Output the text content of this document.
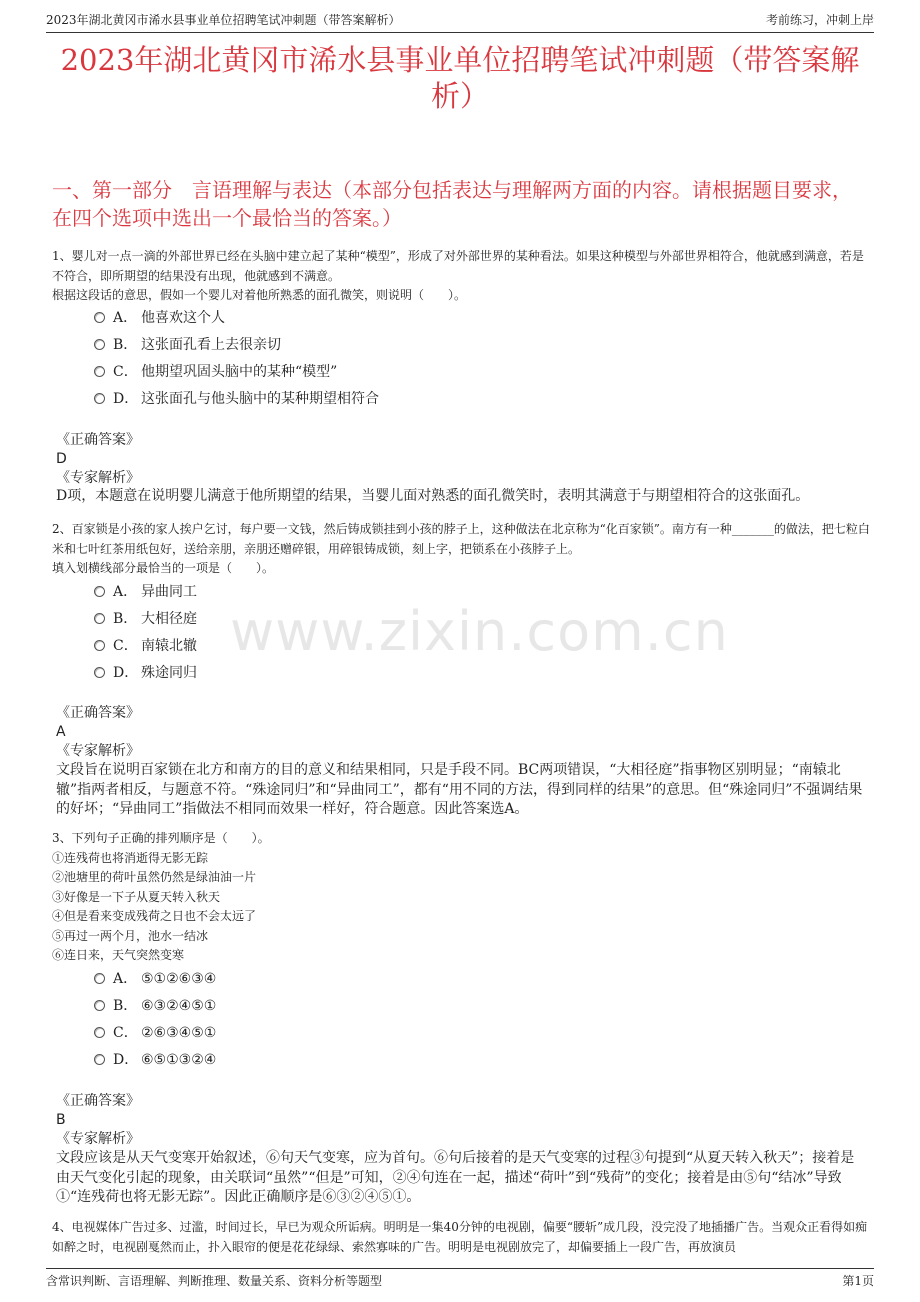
2023年湖北黄冈市浠水县事业单位招聘笔试冲刺题（带答案解析）	考前练习，冲刺上岸
2023年湖北黄冈市浠水县事业单位招聘笔试冲刺题（带答案解析）
一、第一部分　言语理解与表达（本部分包括表达与理解两方面的内容。请根据题目要求，在四个选项中选出一个最恰当的答案。）
www.zixin.com.cn

1、婴儿对一点一滴的外部世界已经在头脑中建立起了某种“模型”，形成了对外部世界的某种看法。如果这种模型与外部世界相符合，他就感到满意，若是不符合，即所期望的结果没有出现，他就感到不满意。

根据这段话的意思，假如一个婴儿对着他所熟悉的面孔微笑，则说明（　　）。

A． 他喜欢这个人
B． 这张面孔看上去很亲切
C． 他期望巩固头脑中的某种“模型”
D． 这张面孔与他头脑中的某种期望相符合
《正确答案》
D
《专家解析》
D项，本题意在说明婴儿满意于他所期望的结果，当婴儿面对熟悉的面孔微笑时，表明其满意于与期望相符合的这张面孔。

2、百家锁是小孩的家人挨户乞讨，每户要一文钱，然后铸成锁挂到小孩的脖子上，这种做法在北京称为“化百家锁”。南方有一种_______的做法，把七粒白米和七叶红茶用纸包好，送给亲朋，亲朋还赠碎银，用碎银铸成锁，刻上字，把锁系在小孩脖子上。

填入划横线部分最恰当的一项是（　　）。

A． 异曲同工
B． 大相径庭
C． 南辕北辙
D． 殊途同归
《正确答案》
A
《专家解析》
文段旨在说明百家锁在北方和南方的目的意义和结果相同，只是手段不同。BC两项错误，“大相径庭”指事物区别明显；“南辕北辙”指两者相反，与题意不符。“殊途同归”和“异曲同工”，都有“用不同的方法，得到同样的结果”的意思。但“殊途同归”不强调结果的好坏；“异曲同工”指做法不相同而效果一样好，符合题意。因此答案选A。

3、下列句子正确的排列顺序是（　　）。

①连残荷也将消逝得无影无踪

②池塘里的荷叶虽然仍然是绿油油一片

③好像是一下子从夏天转入秋天

④但是看来变成残荷之日也不会太远了

⑤再过一两个月，池水一结冰

⑥连日来，天气突然变寒

A． ⑤①②⑥③④
B． ⑥③②④⑤①
C． ②⑥③④⑤①
D． ⑥⑤①③②④
《正确答案》
B
《专家解析》
文段应该是从天气变寒开始叙述，⑥句天气变寒，应为首句。⑥句后接着的是天气变寒的过程③句提到“从夏天转入秋天”；接着是由天气变化引起的现象，由关联词“虽然”“但是”可知，②④句连在一起，描述“荷叶”到“残荷”的变化；接着是由⑤句“结冰”导致①“连残荷也将无影无踪”。因此正确顺序是⑥③②④⑤①。

4、电视媒体广告过多、过滥，时间过长，早已为观众所诟病。明明是一集40分钟的电视剧，偏要“腰斩”成几段，没完没了地插播广告。当观众正看得如痴如醉之时，电视剧戛然而止，扑入眼帘的便是花花绿绿、索然寡味的广告。明明是电视剧放完了，却偏要插上一段广告，再放演员

含常识判断、言语理解、判断推理、数量关系、资料分析等题型	第1页
